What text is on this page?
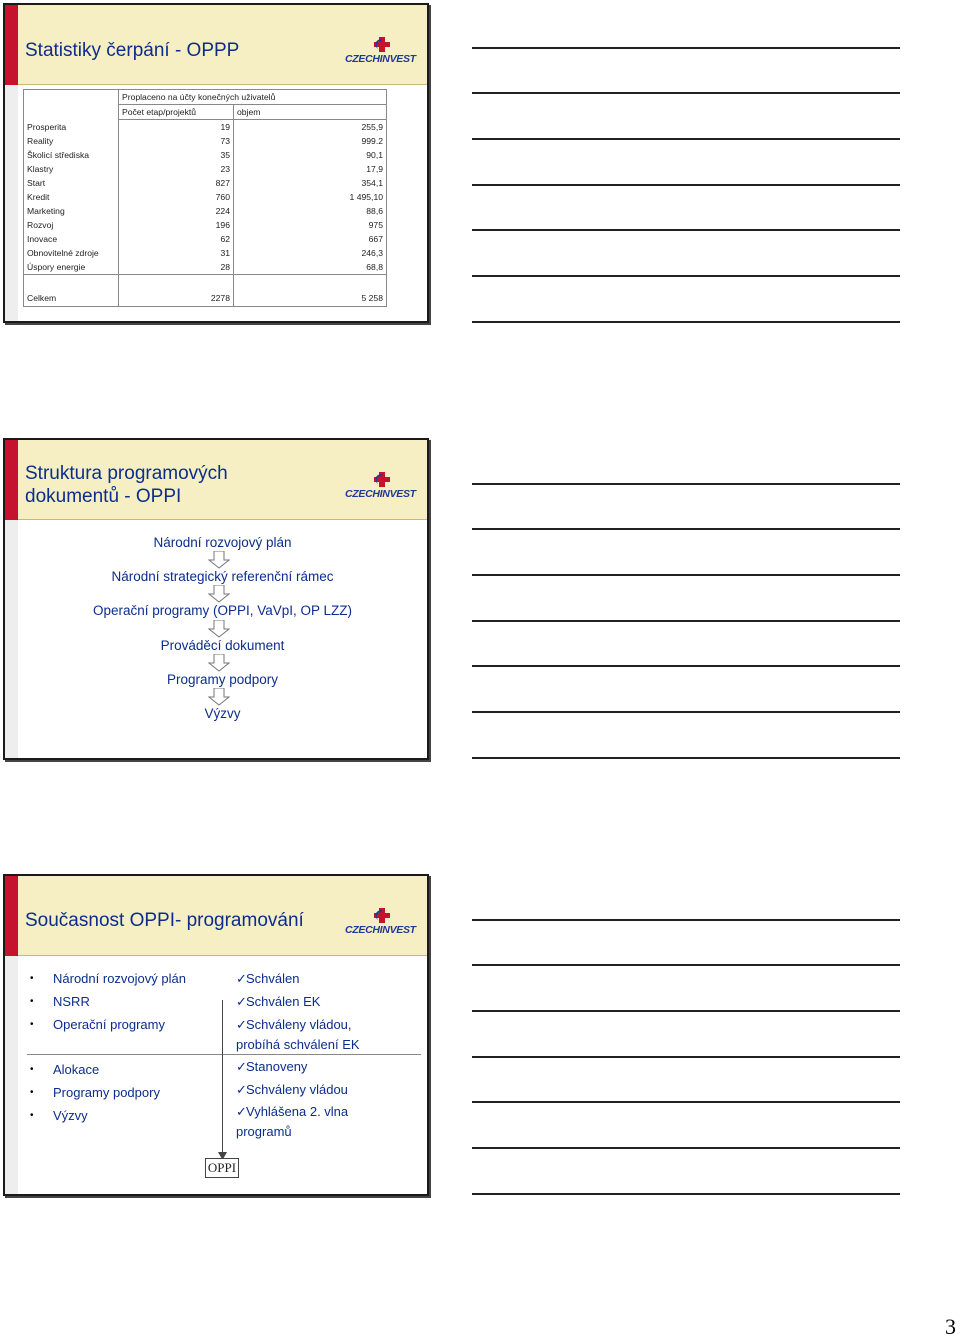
Statistiky čerpání - OPPP	CZECHINVEST
	Proplaceno na účty konečných uživatelů	
	Počet etap/projektů	objem
Prosperita	19	255,9
Reality	73	999.2
Školicí střediska	35	90,1
Klastry	23	17,9
Start	827	354,1
Kredit	760	1 495,10
Marketing	224	88,6
Rozvoj	196	975
Inovace	62	667
Obnovitelné zdroje	31	246,3
Úspory energie	28	68,8
Celkem	2278	5 258
Struktura programových
dokumentů - OPPI	CZECHINVEST
Národní rozvojový plán
Národní strategický referenční rámec
Operační programy (OPPI, VaVpI, OP LZZ)
Prováděcí dokument
Programy podpory
Výzvy
Současnost OPPI- programování	CZECHINVEST
• Národní rozvojový plán
• NSRR
• Operační programy
• Alokace
• Programy podpory
• Výzvy
✓ Schválen
✓ Schválen EK
✓ Schváleny vládou,
probíhá schválení EK
✓ Stanoveny
✓ Schváleny vládou
✓ Vyhlášena 2. vlna
programů
OPPI
3
